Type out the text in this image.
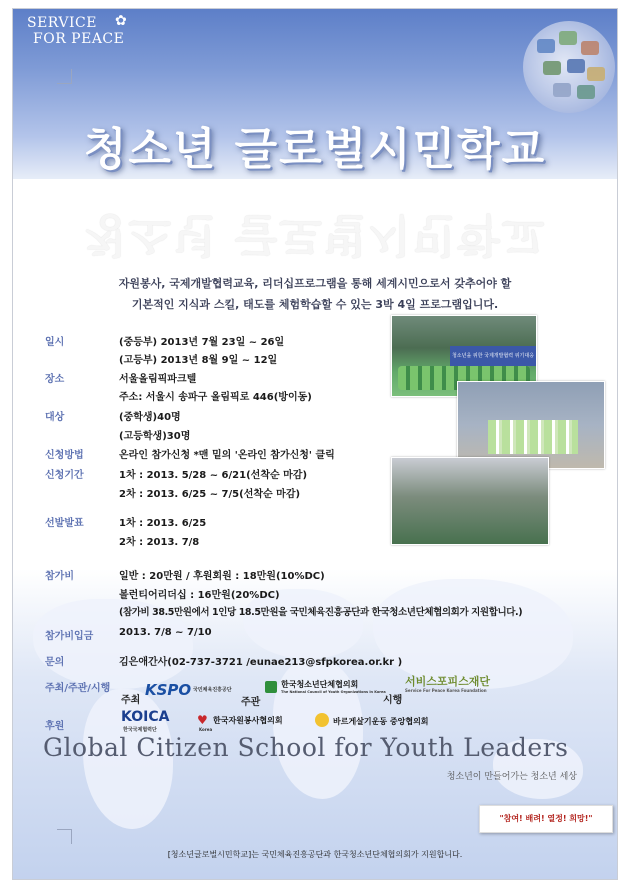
SERVICE
FOR PEACE
✿
청소년 글로벌시민학교
청소년 글로벌시민학교
자원봉사, 국제개발협력교육, 리더십프로그램을 통해 세계시민으로서 갖추어야 할
기본적인 지식과 스킬, 태도를 체험학습할 수 있는 3박 4일 프로그램입니다.
청소년을 위한 국제개발협력 위기대응
일시	(중등부) 2013년 7월 23일 ~ 26일
(고등부) 2013년 8월 9일 ~ 12일
장소	서울올림픽파크텔
주소: 서울시 송파구 올림픽로 446(방이동)
대상	(중학생)40명
(고등학생)30명
신청방법	온라인 참가신청 *맨 밑의 '온라인 참가신청' 클릭
신청기간	1차 : 2013. 5/28 ~ 6/21(선착순 마감)
2차 : 2013. 6/25 ~ 7/5(선착순 마감)
선발발표	1차 : 2013. 6/25
2차 : 2013. 7/8
참가비	일반 : 20만원 / 후원회원 : 18만원(10%DC)
볼런티어리더십 : 16만원(20%DC)
(참가비 38.5만원에서 1인당 18.5만원을 국민체육진흥공단과 한국청소년단체협의회가 지원합니다.)
참가비입금	2013. 7/8 ~ 7/10
문의	김은애간사(02-737-3721 /eunae213@sfpkorea.or.kr )
주최/주관/시행
후원
주최
KSPO 국민체육진흥공단
주관
한국청소년단체협의회
The National Council of Youth Organizations in Korea
시행
서비스포피스재단
Service For Peace Korea Foundation
KOICA
한국국제협력단
♥ 한국자원봉사협의회
Korea
바르게살기운동 중앙협의회
Global Citizen School for Youth Leaders
청소년이 만들어가는 청소년 세상
"참여! 배려! 열정! 희망!"
[청소년글로벌시민학교]는 국민체육진흥공단과 한국청소년단체협의회가 지원합니다.
